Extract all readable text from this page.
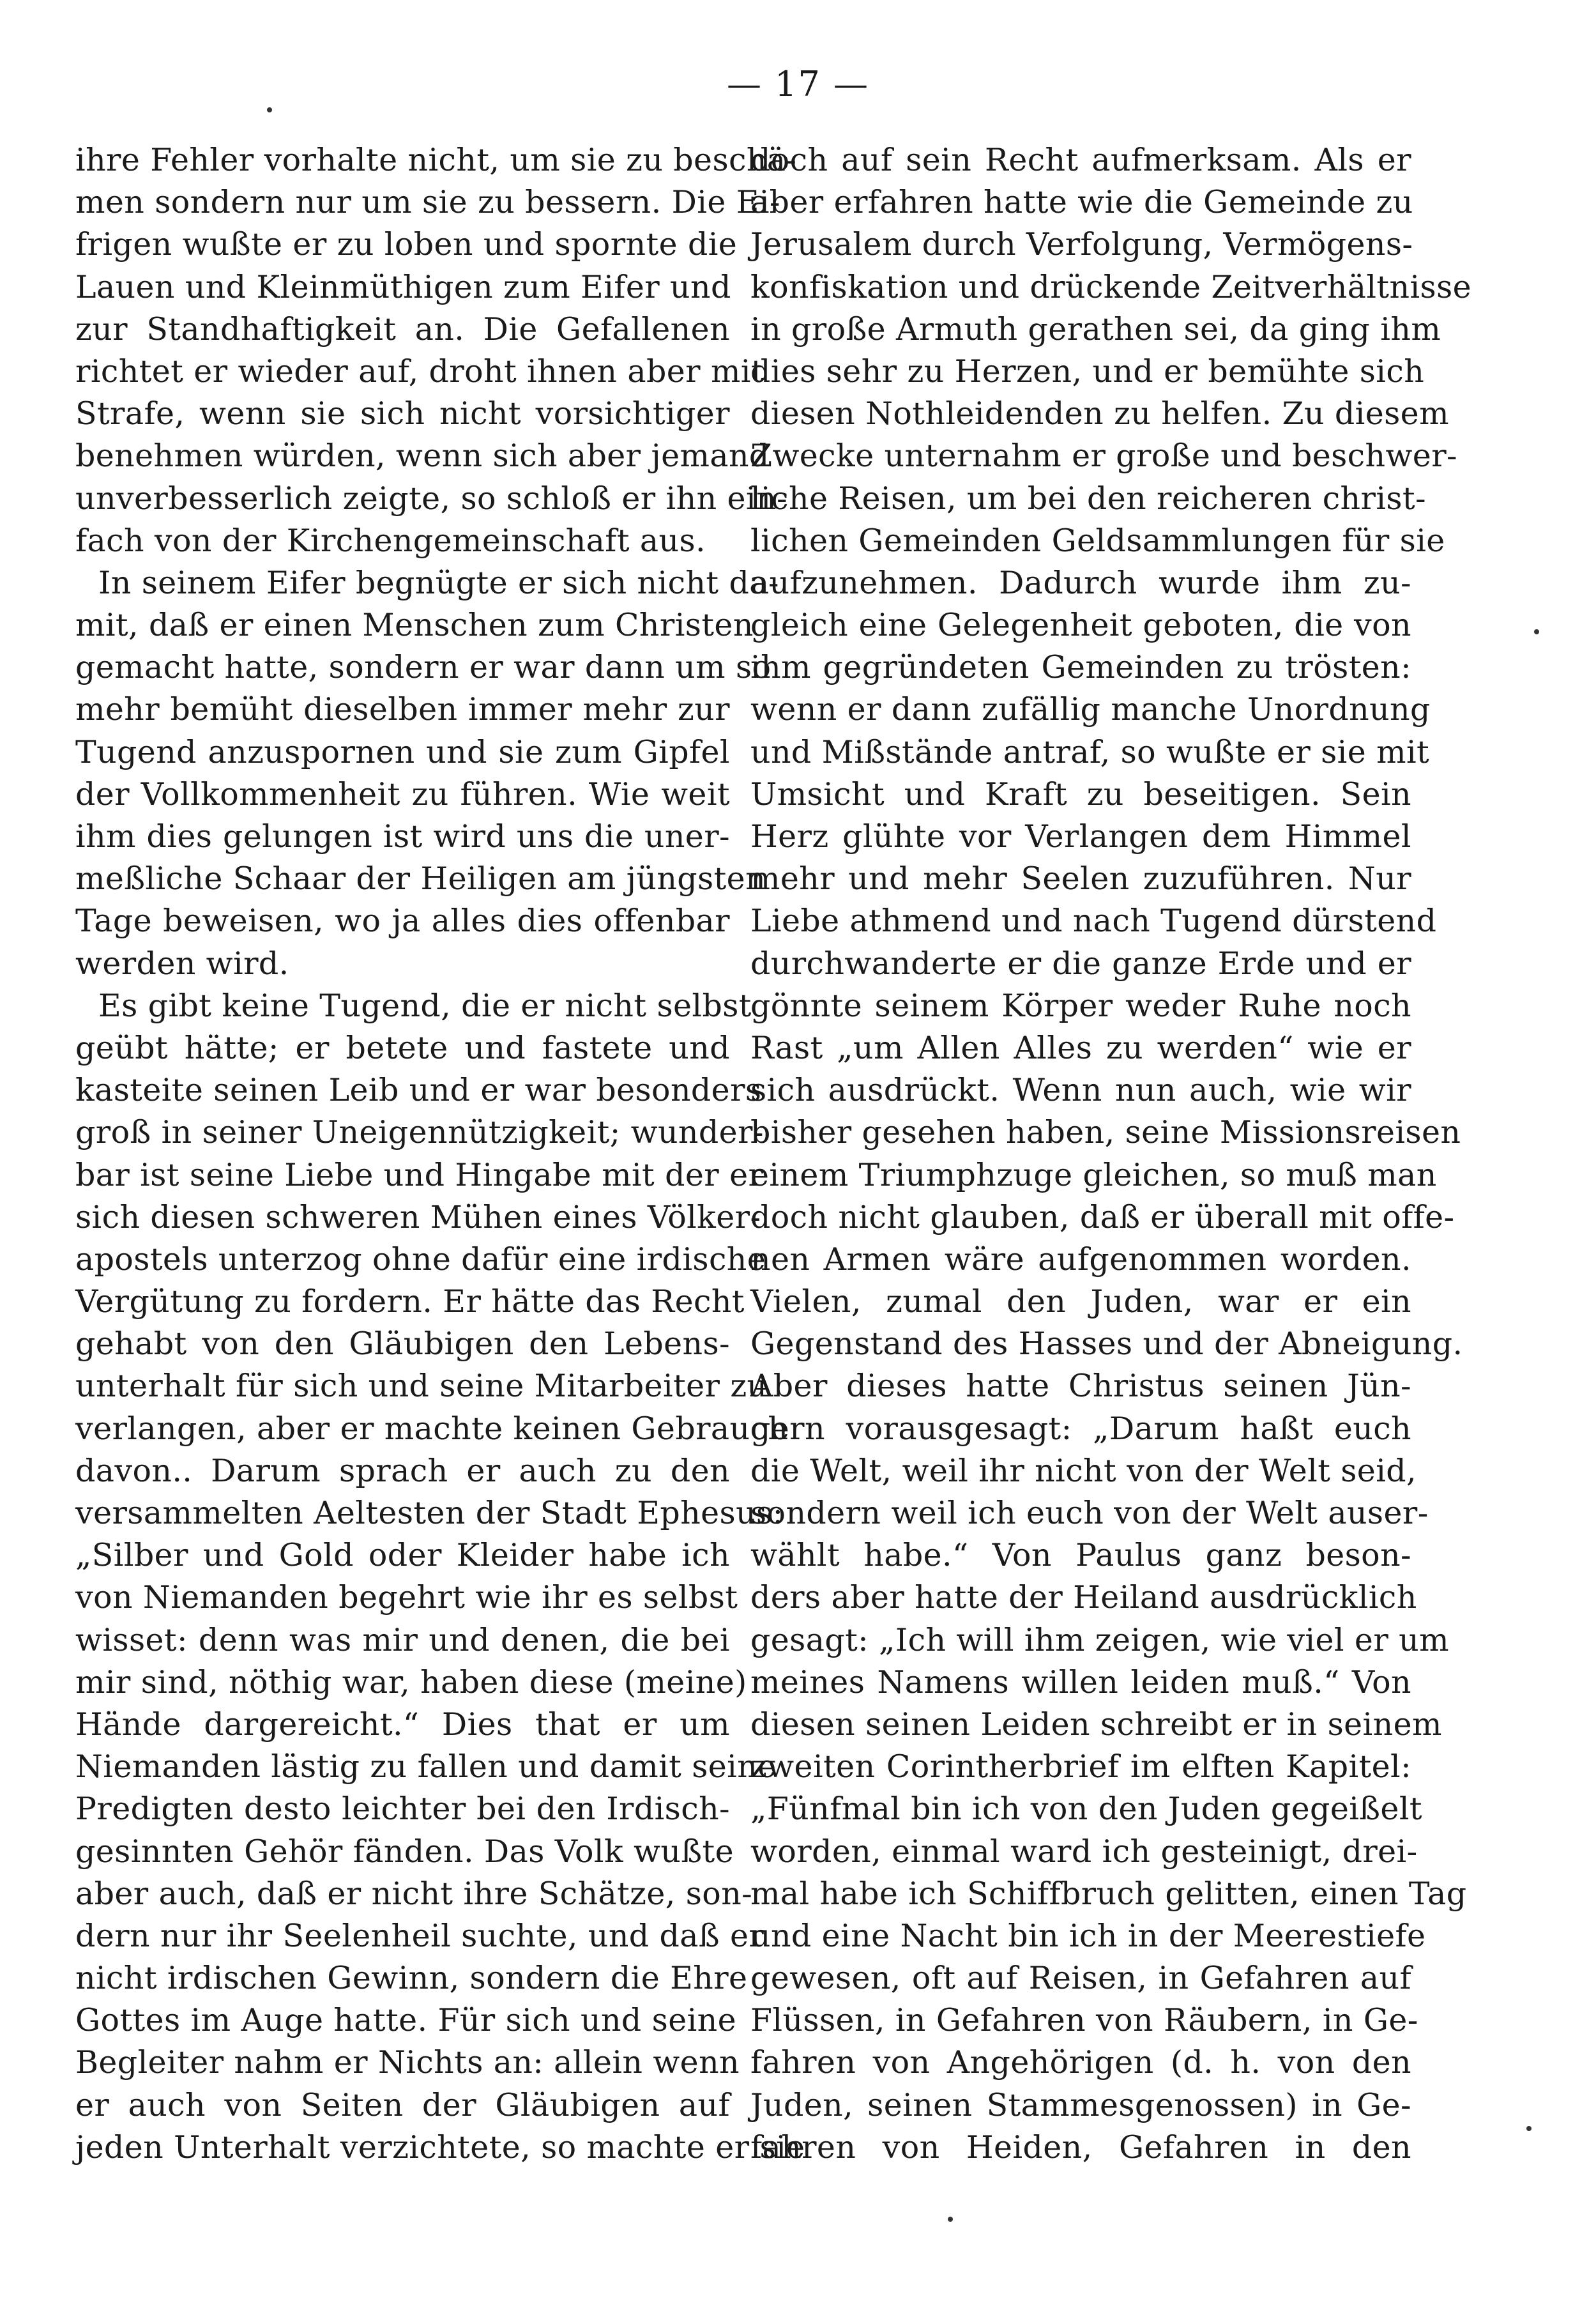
— 17 —
ihre Fehler vorhalte nicht, um sie zu beschä-
men sondern nur um sie zu bessern. Die Ei-
frigen wußte er zu loben und spornte die
Lauen und Kleinmüthigen zum Eifer und
zur Standhaftigkeit an. Die Gefallenen
richtet er wieder auf, droht ihnen aber mit
Strafe, wenn sie sich nicht vorsichtiger
benehmen würden, wenn sich aber jemand
unverbesserlich zeigte, so schloß er ihn ein-
fach von der Kirchengemeinschaft aus.
In seinem Eifer begnügte er sich nicht da-
mit, daß er einen Menschen zum Christen
gemacht hatte, sondern er war dann um so
mehr bemüht dieselben immer mehr zur
Tugend anzuspornen und sie zum Gipfel
der Vollkommenheit zu führen. Wie weit
ihm dies gelungen ist wird uns die uner-
meßliche Schaar der Heiligen am jüngsten
Tage beweisen, wo ja alles dies offenbar
werden wird.
Es gibt keine Tugend, die er nicht selbst
geübt hätte; er betete und fastete und
kasteite seinen Leib und er war besonders
groß in seiner Uneigennützigkeit; wunder-
bar ist seine Liebe und Hingabe mit der er
sich diesen schweren Mühen eines Völker-
apostels unterzog ohne dafür eine irdische
Vergütung zu fordern. Er hätte das Recht
gehabt von den Gläubigen den Lebens-
unterhalt für sich und seine Mitarbeiter zu
verlangen, aber er machte keinen Gebrauch
davon.. Darum sprach er auch zu den
versammelten Aeltesten der Stadt Ephesus:
„Silber und Gold oder Kleider habe ich
von Niemanden begehrt wie ihr es selbst
wisset: denn was mir und denen, die bei
mir sind, nöthig war, haben diese (meine)
Hände dargereicht.“ Dies that er um
Niemanden lästig zu fallen und damit seine
Predigten desto leichter bei den Irdisch-
gesinnten Gehör fänden. Das Volk wußte
aber auch, daß er nicht ihre Schätze, son-
dern nur ihr Seelenheil suchte, und daß er
nicht irdischen Gewinn, sondern die Ehre
Gottes im Auge hatte. Für sich und seine
Begleiter nahm er Nichts an: allein wenn
er auch von Seiten der Gläubigen auf
jeden Unterhalt verzichtete, so machte er sie
doch auf sein Recht aufmerksam. Als er
aber erfahren hatte wie die Gemeinde zu
Jerusalem durch Verfolgung, Vermögens-
konfiskation und drückende Zeitverhältnisse
in große Armuth gerathen sei, da ging ihm
dies sehr zu Herzen, und er bemühte sich
diesen Nothleidenden zu helfen. Zu diesem
Zwecke unternahm er große und beschwer-
liche Reisen, um bei den reicheren christ-
lichen Gemeinden Geldsammlungen für sie
aufzunehmen. Dadurch wurde ihm zu-
gleich eine Gelegenheit geboten, die von
ihm gegründeten Gemeinden zu trösten:
wenn er dann zufällig manche Unordnung
und Mißstände antraf, so wußte er sie mit
Umsicht und Kraft zu beseitigen. Sein
Herz glühte vor Verlangen dem Himmel
mehr und mehr Seelen zuzuführen. Nur
Liebe athmend und nach Tugend dürstend
durchwanderte er die ganze Erde und er
gönnte seinem Körper weder Ruhe noch
Rast „um Allen Alles zu werden“ wie er
sich ausdrückt. Wenn nun auch, wie wir
bisher gesehen haben, seine Missionsreisen
einem Triumphzuge gleichen, so muß man
doch nicht glauben, daß er überall mit offe-
nen Armen wäre aufgenommen worden.
Vielen, zumal den Juden, war er ein
Gegenstand des Hasses und der Abneigung.
Aber dieses hatte Christus seinen Jün-
gern vorausgesagt: „Darum haßt euch
die Welt, weil ihr nicht von der Welt seid,
sondern weil ich euch von der Welt auser-
wählt habe.“ Von Paulus ganz beson-
ders aber hatte der Heiland ausdrücklich
gesagt: „Ich will ihm zeigen, wie viel er um
meines Namens willen leiden muß.“ Von
diesen seinen Leiden schreibt er in seinem
zweiten Corintherbrief im elften Kapitel:
„Fünfmal bin ich von den Juden gegeißelt
worden, einmal ward ich gesteinigt, drei-
mal habe ich Schiffbruch gelitten, einen Tag
und eine Nacht bin ich in der Meerestiefe
gewesen, oft auf Reisen, in Gefahren auf
Flüssen, in Gefahren von Räubern, in Ge-
fahren von Angehörigen (d. h. von den
Juden, seinen Stammesgenossen) in Ge-
fahren von Heiden, Gefahren in den
